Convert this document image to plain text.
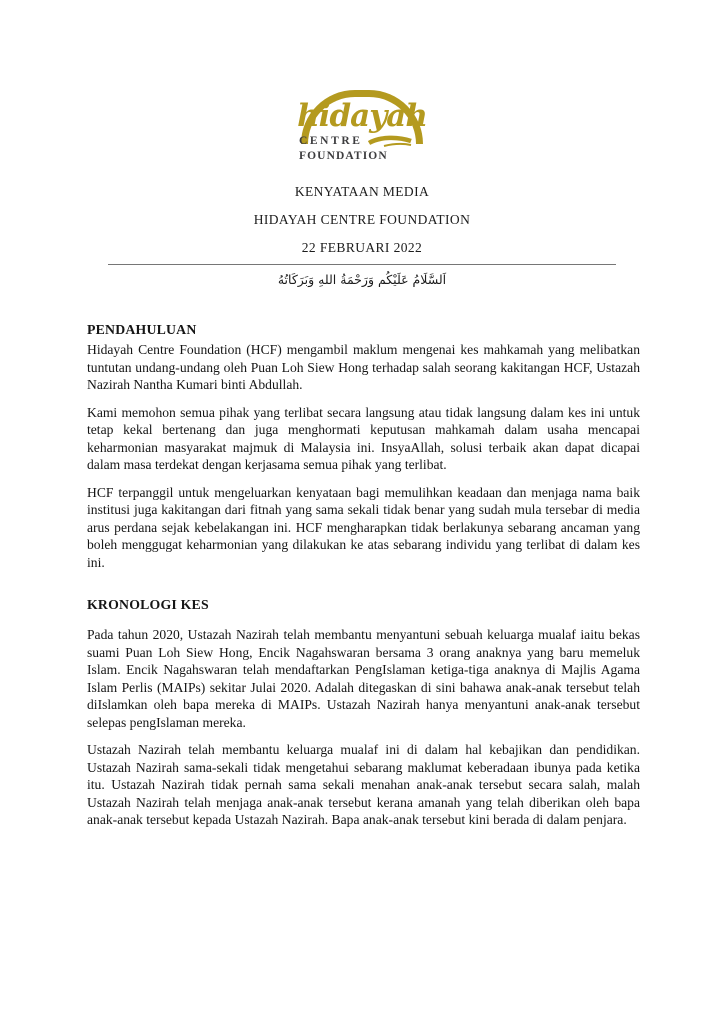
hidayah
CENTRE
FOUNDATION
KENYATAAN MEDIA
HIDAYAH CENTRE FOUNDATION
22 FEBRUARI 2022
اَلسَّلَامُ عَلَيْكُم وَرَحْمَةُ اللهِ وَبَرَكَاتُهُ
PENDAHULUAN

Hidayah Centre Foundation (HCF) mengambil maklum mengenai kes mahkamah yang melibatkan tuntutan undang-undang oleh Puan Loh Siew Hong terhadap salah seorang kakitangan HCF, Ustazah Nazirah Nantha Kumari binti Abdullah.

Kami memohon semua pihak yang terlibat secara langsung atau tidak langsung dalam kes ini untuk tetap kekal bertenang dan juga menghormati keputusan mahkamah dalam usaha mencapai keharmonian masyarakat majmuk di Malaysia ini. InsyaAllah, solusi terbaik akan dapat dicapai dalam masa terdekat dengan kerjasama semua pihak yang terlibat.

HCF terpanggil untuk mengeluarkan kenyataan bagi memulihkan keadaan dan menjaga nama baik institusi juga kakitangan dari fitnah yang sama sekali tidak benar yang sudah mula tersebar di media arus perdana sejak kebelakangan ini. HCF mengharapkan tidak berlakunya sebarang ancaman yang boleh menggugat keharmonian yang dilakukan ke atas sebarang individu yang terlibat di dalam kes ini.

KRONOLOGI KES

Pada tahun 2020, Ustazah Nazirah telah membantu menyantuni sebuah keluarga mualaf iaitu bekas suami Puan Loh Siew Hong, Encik Nagahswaran bersama 3 orang anaknya yang baru memeluk Islam. Encik Nagahswaran telah mendaftarkan PengIslaman ketiga-tiga anaknya di Majlis Agama Islam Perlis (MAIPs) sekitar Julai 2020. Adalah ditegaskan di sini bahawa anak-anak tersebut telah diIslamkan oleh bapa mereka di MAIPs. Ustazah Nazirah hanya menyantuni anak-anak tersebut selepas pengIslaman mereka.

Ustazah Nazirah telah membantu keluarga mualaf ini di dalam hal kebajikan dan pendidikan. Ustazah Nazirah sama-sekali tidak mengetahui sebarang maklumat keberadaan ibunya pada ketika itu. Ustazah Nazirah tidak pernah sama sekali menahan anak-anak tersebut secara salah, malah Ustazah Nazirah telah menjaga anak-anak tersebut kerana amanah yang telah diberikan oleh bapa anak-anak tersebut kepada Ustazah Nazirah. Bapa anak-anak tersebut kini berada di dalam penjara.
